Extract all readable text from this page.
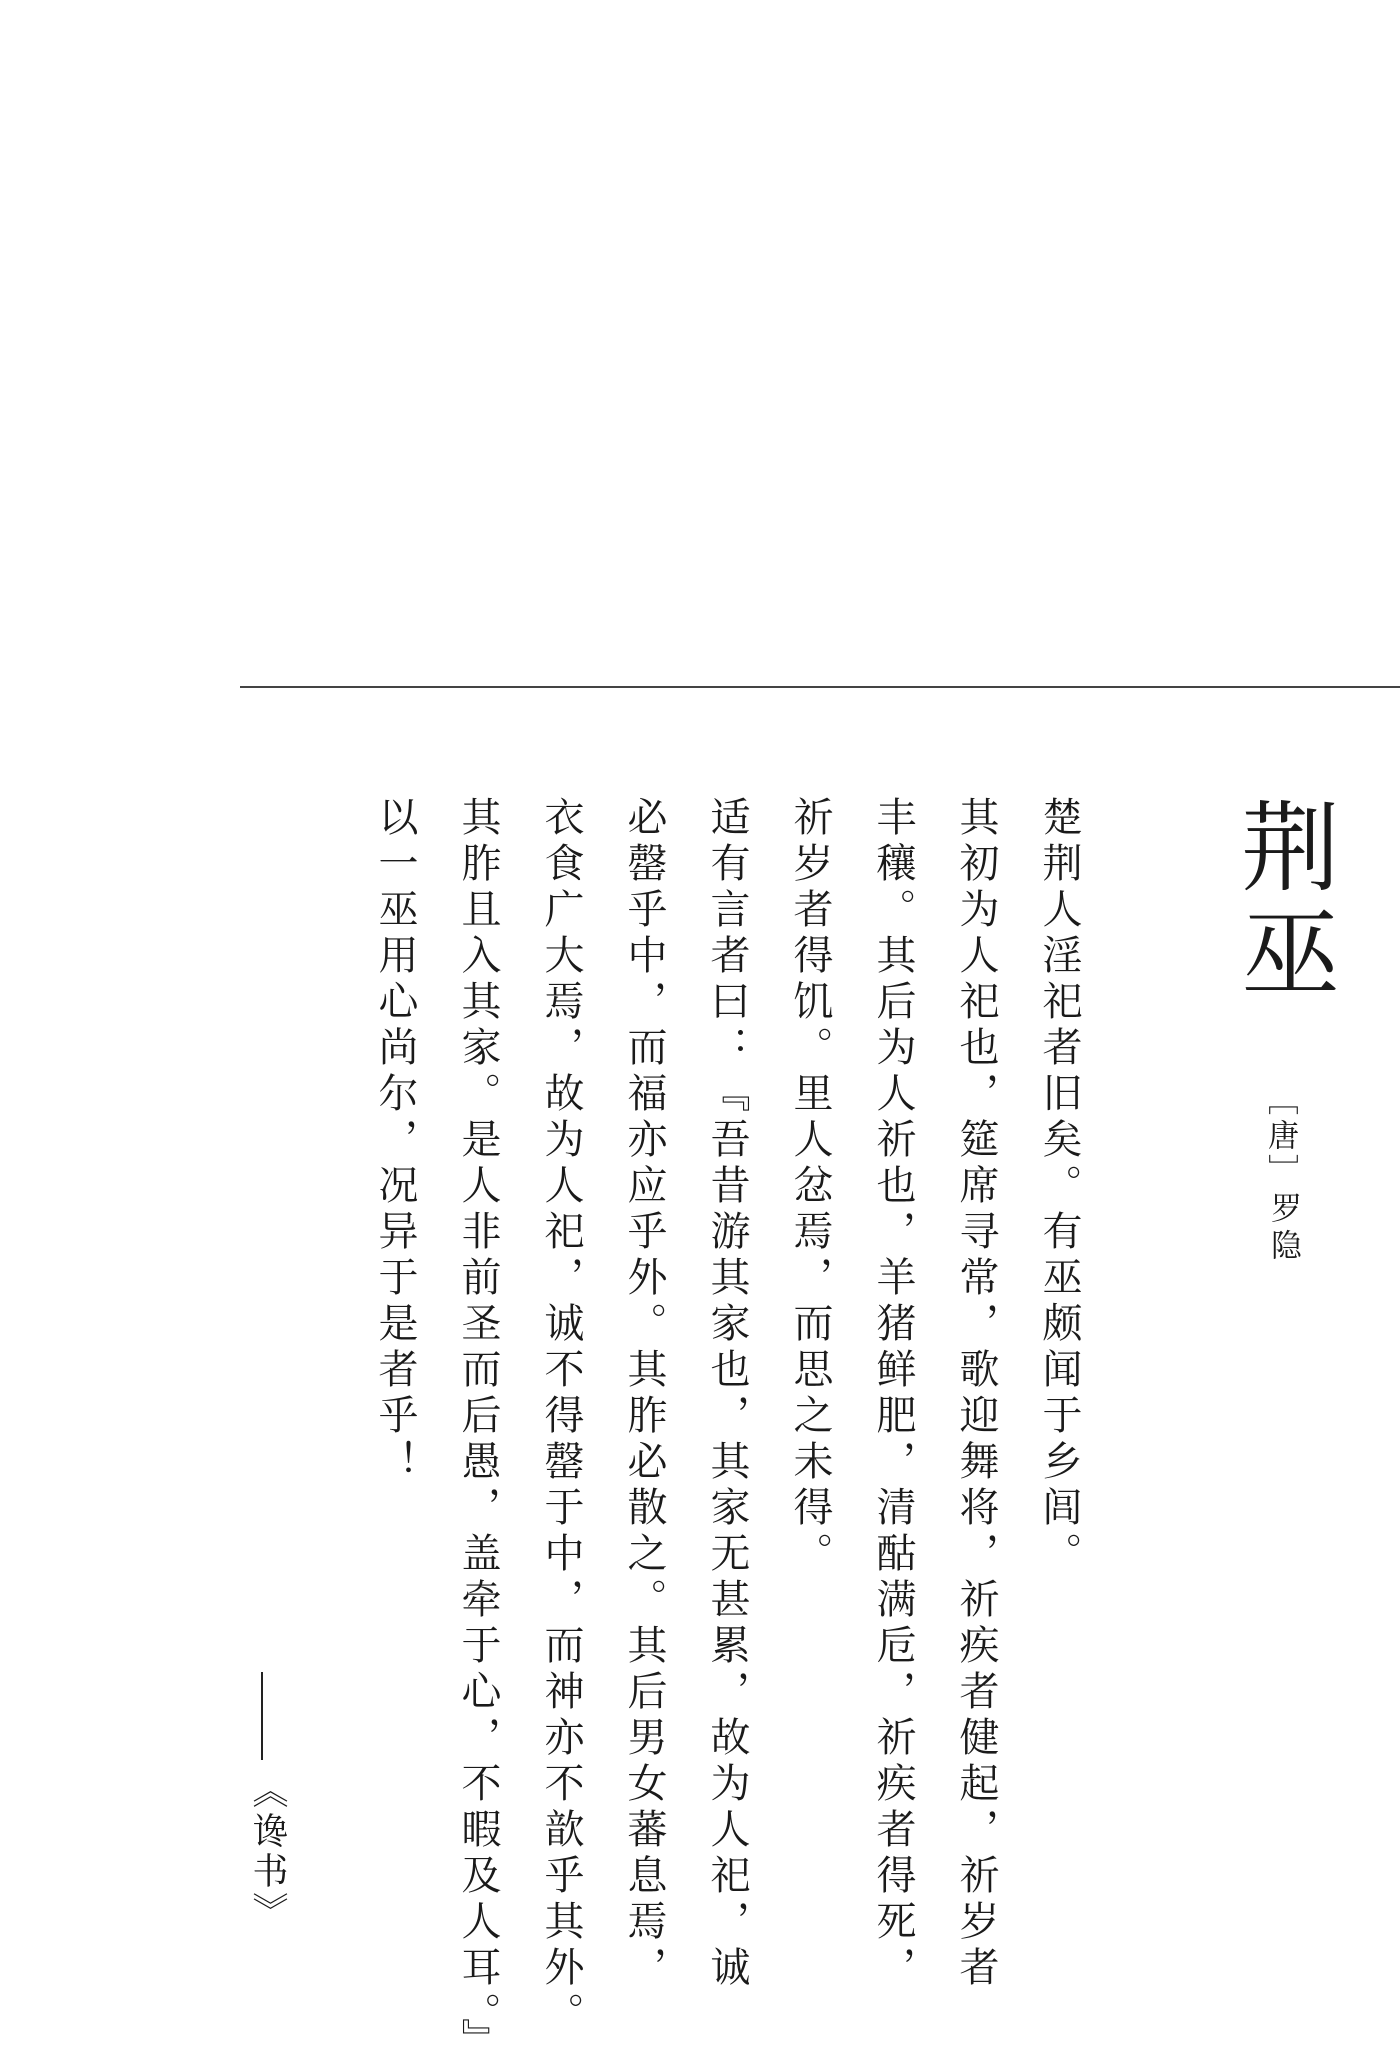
荆巫
［唐］
罗隐
楚荆人淫祀者旧矣。有巫颇闻于乡闾。
其初为人祀也，筵席寻常，歌迎舞将，祈疾者健起，祈岁者
丰穰。其后为人祈也，羊猪鲜肥，清酤满卮，祈疾者得死，
祈岁者得饥。里人忿焉，而思之未得。
适有言者曰：『吾昔游其家也，其家无甚累，故为人祀，诚
必罄乎中，而福亦应乎外。其胙必散之。其后男女蕃息焉，
衣食广大焉，故为人祀，诚不得罄于中，而神亦不歆乎其外。
其胙且入其家。是人非前圣而后愚，盖牵于心，不暇及人耳。』
以一巫用心尚尔，况异于是者乎！
《谗书》
